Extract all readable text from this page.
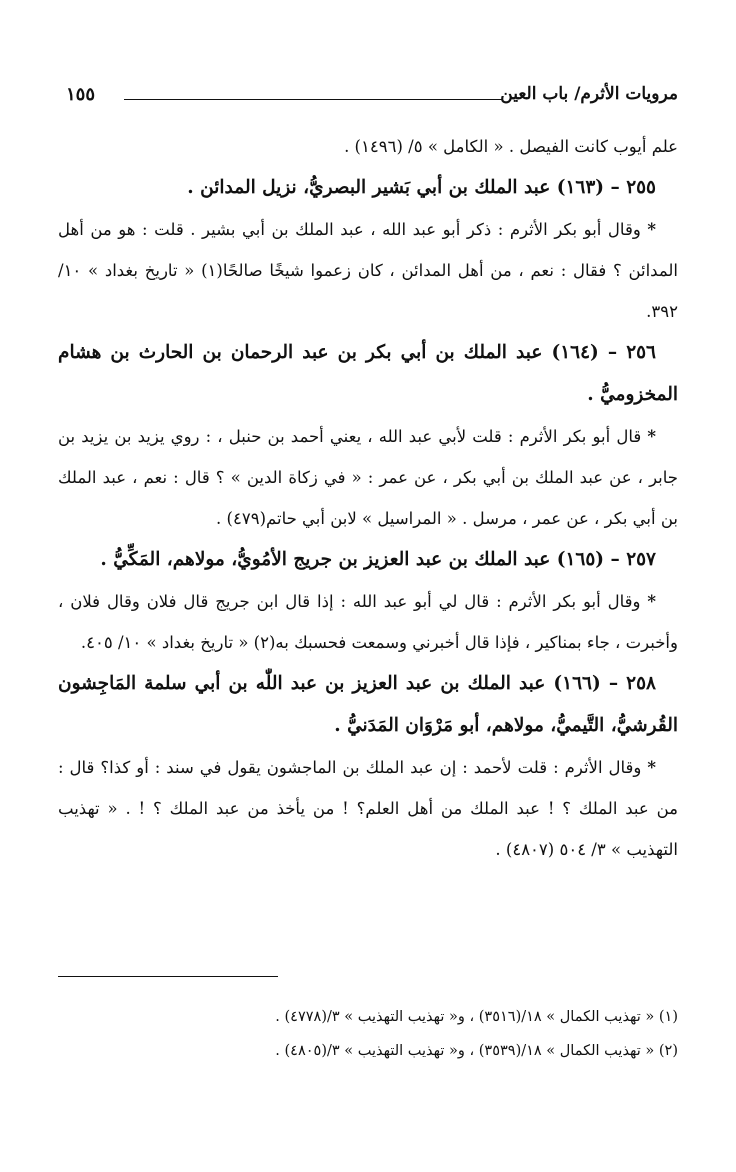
مرويات الأثرم/ باب العين
١٥٥
علم أيوب كانت الفيصل . « الكامل » ٥/ (١٤٩٦) .
٢٥٥ – (١٦٣) عبد الملك بن أبي بَشير البصريُّ، نزيل المدائن .
* وقال أبو بكر الأثرم : ذكر أبو عبد الله ، عبد الملك بن أبي بشير . قلت : هو من أهل المدائن ؟ فقال : نعم ، من أهل المدائن ، كان زعموا شيخًا صالحًا(١) « تاريخ بغداد » ١٠/ ٣٩٢.
٢٥٦ – (١٦٤) عبد الملك بن أبي بكر بن عبد الرحمان بن الحارث بن هشام المخزوميُّ .
* قال أبو بكر الأثرم : قلت لأبي عبد الله ، يعني أحمد بن حنبل ، : روي يزيد بن يزيد بن جابر ، عن عبد الملك بن أبي بكر ، عن عمر : « في زكاة الدين » ؟ قال : نعم ، عبد الملك بن أبي بكر ، عن عمر ، مرسل . « المراسيل » لابن أبي حاتم(٤٧٩) .
٢٥٧ – (١٦٥) عبد الملك بن عبد العزيز بن جريج الأمُويُّ، مولاهم، المَكِّيُّ .
* وقال أبو بكر الأثرم : قال لي أبو عبد الله : إذا قال ابن جريج قال فلان وقال فلان ، وأخبرت ، جاء بمناكير ، فإذا قال أخبرني وسمعت فحسبك به(٢) « تاريخ بغداد » ١٠/ ٤٠٥.
٢٥٨ – (١٦٦) عبد الملك بن عبد العزيز بن عبد اللّٰه بن أبي سلمة المَاجِشون القُرشيُّ، التَّيميُّ، مولاهم، أبو مَرْوَان المَدَنيُّ .
* وقال الأثرم : قلت لأحمد : إن عبد الملك بن الماجشون يقول في سند : أو كذا؟ قال : من عبد الملك ؟ ! عبد الملك من أهل العلم؟ ! من يأخذ من عبد الملك ؟ ! . « تهذيب التهذيب » ٣/ ٥٠٤ (٤٨٠٧) .
(١) « تهذيب الكمال » ١٨/(٣٥١٦) ، و« تهذيب التهذيب » ٣/(٤٧٧٨) .
(٢) « تهذيب الكمال » ١٨/(٣٥٣٩) ، و« تهذيب التهذيب » ٣/(٤٨٠٥) .
